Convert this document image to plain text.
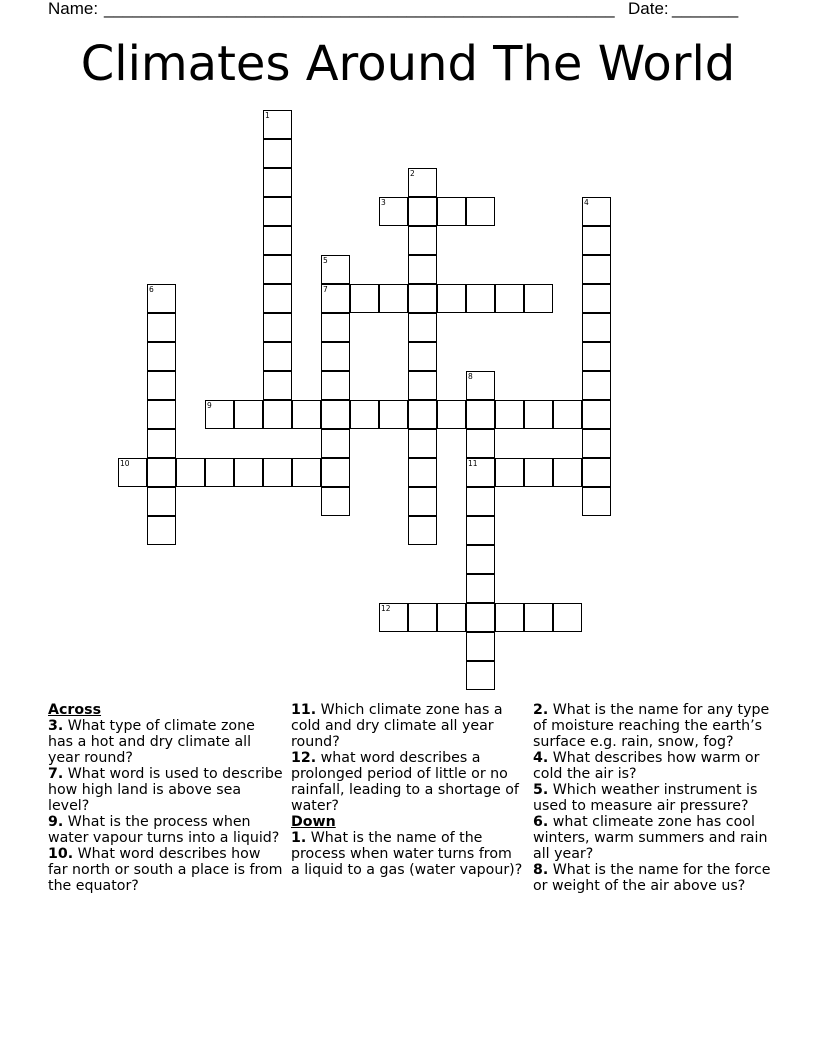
Name: ______________________________________________________ Date: _______
Climates Around The World
1
2
3	4
5
7
6
8
11
9
10
12
Across
3. What type of climate zone has a hot and dry climate all year round?
7. What word is used to describe how high land is above sea level?
9. What is the process when water vapour turns into a liquid?
10. What word describes how far north or south a place is from the equator?
11. Which climate zone has a cold and dry climate all year round?
12. what word describes a prolonged period of little or no rainfall, leading to a shortage of water?
Down
1. What is the name of the process when water turns from a liquid to a gas (water vapour)?
2. What is the name for any type of moisture reaching the earth’s surface e.g. rain, snow, fog?
4. What describes how warm or cold the air is?
5. Which weather instrument is used to measure air pressure?
6. what climeate zone has cool winters, warm summers and rain all year?
8. What is the name for the force or weight of the air above us?
